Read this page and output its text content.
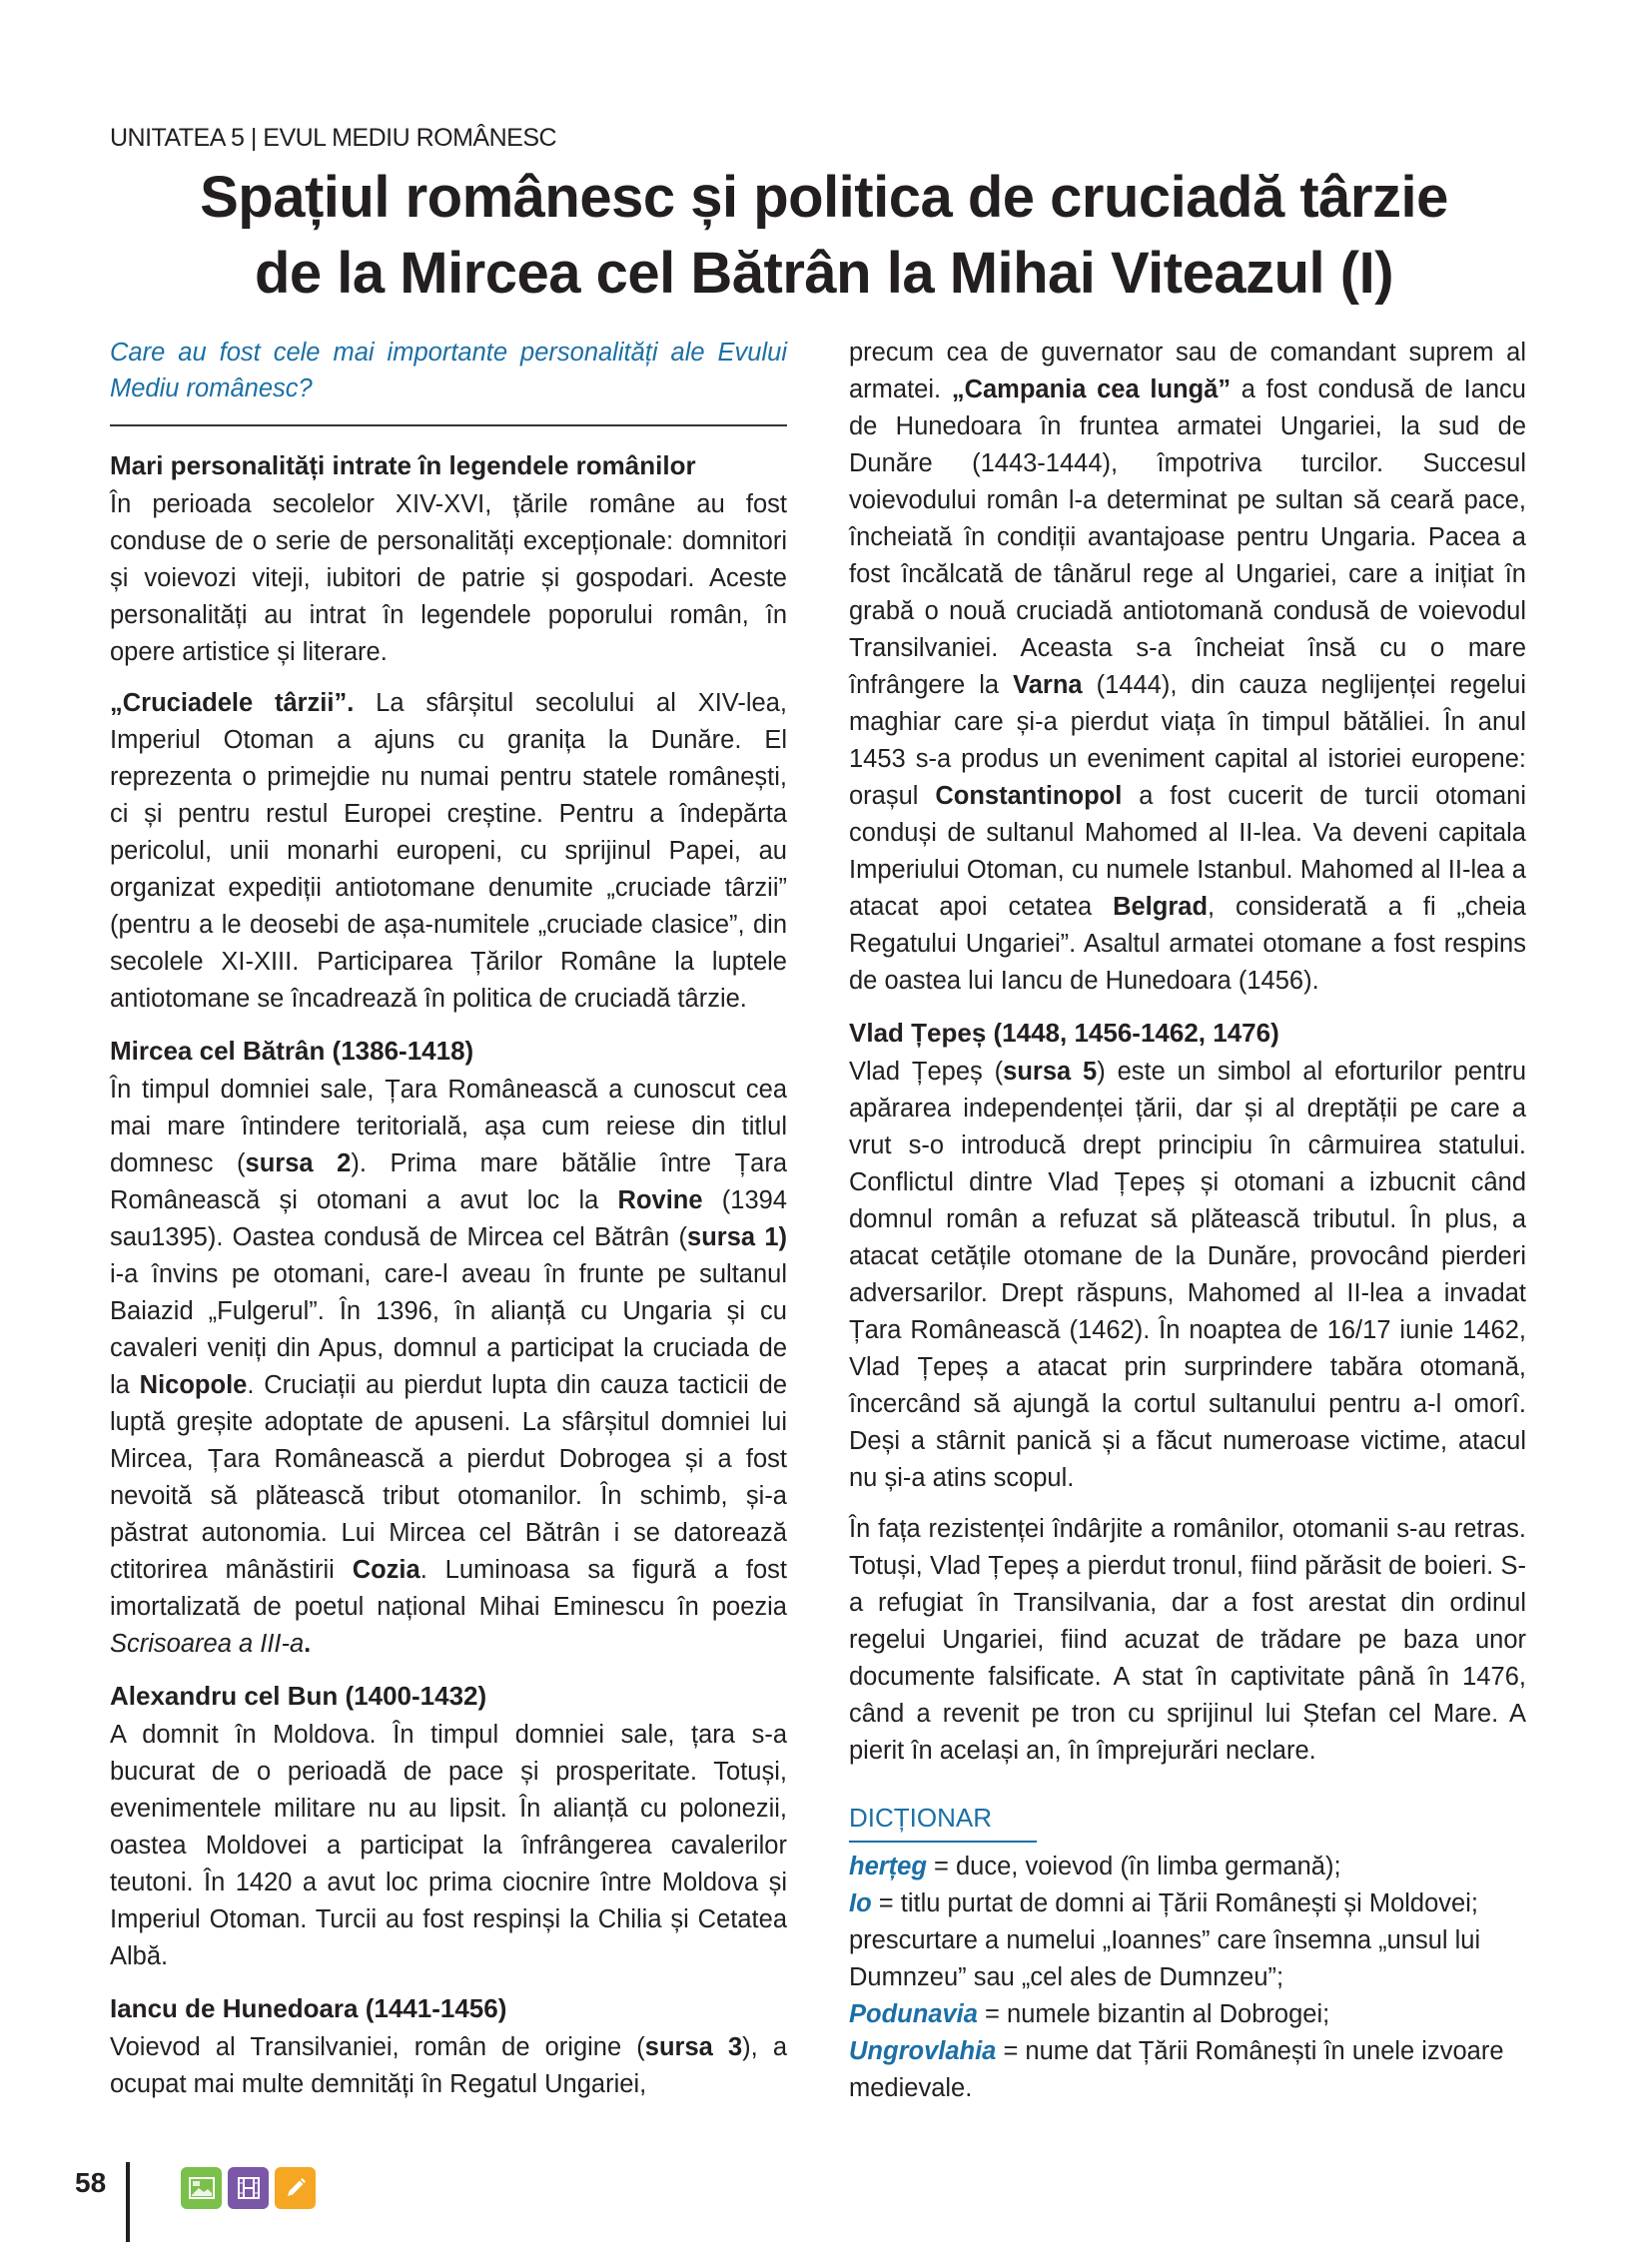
UNITATEA 5 | EVUL MEDIU ROMÂNESC
Spațiul românesc și politica de cruciadă târzie
de la Mircea cel Bătrân la Mihai Viteazul (I)

Care au fost cele mai importante personalități ale Evului Mediu românesc?

Mari personalități intrate în legendele românilor

În perioada secolelor XIV-XVI, țările române au fost conduse de o serie de personalități excepționale: domnitori și voievozi viteji, iubitori de patrie și gospodari. Aceste personalități au intrat în legendele poporului român, în opere artistice și literare.

„Cruciadele târzii”. La sfârșitul secolului al XIV-lea, Imperiul Otoman a ajuns cu granița la Dunăre. El reprezenta o primejdie nu numai pentru statele românești, ci și pentru restul Europei creștine. Pentru a îndepărta pericolul, unii monarhi europeni, cu sprijinul Papei, au organizat expediții antiotomane denumite „cruciade târzii” (pentru a le deosebi de așa-numitele „cruciade clasice”, din secolele XI-XIII. Participarea Țărilor Române la luptele antiotomane se încadrează în politica de cruciadă târzie.

Mircea cel Bătrân (1386-1418)

În timpul domniei sale, Țara Românească a cunoscut cea mai mare întindere teritorială, așa cum reiese din titlul domnesc (sursa 2). Prima mare bătălie între Țara Românească și otomani a avut loc la Rovine (1394 sau1395). Oastea condusă de Mircea cel Bătrân (sursa 1) i-a învins pe otomani, care-l aveau în frunte pe sultanul Baiazid „Fulgerul”. În 1396, în alianță cu Ungaria și cu cavaleri veniți din Apus, domnul a participat la cruciada de la Nicopole. Cruciații au pierdut lupta din cauza tacticii de luptă greșite adoptate de apuseni. La sfârșitul domniei lui Mircea, Țara Românească a pierdut Dobrogea și a fost nevoită să plătească tribut otomanilor. În schimb, și-a păstrat autonomia. Lui Mircea cel Bătrân i se datorează ctitorirea mânăstirii Cozia. Luminoasa sa figură a fost imortalizată de poetul național Mihai Eminescu în poezia Scrisoarea a III-a.

Alexandru cel Bun (1400-1432)

A domnit în Moldova. În timpul domniei sale, țara s-a bucurat de o perioadă de pace și prosperitate. Totuși, evenimentele militare nu au lipsit. În alianță cu polonezii, oastea Moldovei a participat la înfrângerea cavalerilor teutoni. În 1420 a avut loc prima ciocnire între Moldova și Imperiul Otoman. Turcii au fost respinși la Chilia și Cetatea Albă.

Iancu de Hunedoara (1441-1456)

Voievod al Transilvaniei, român de origine (sursa 3), a ocupat mai multe demnități în Regatul Ungariei,

precum cea de guvernator sau de comandant suprem al armatei. „Campania cea lungă” a fost condusă de Iancu de Hunedoara în fruntea armatei Ungariei, la sud de Dunăre (1443-1444), împotriva turcilor. Succesul voievodului român l-a determinat pe sultan să ceară pace, încheiată în condiții avantajoase pentru Ungaria. Pacea a fost încălcată de tânărul rege al Ungariei, care a inițiat în grabă o nouă cruciadă antiotomană condusă de voievodul Transilvaniei. Aceasta s-a încheiat însă cu o mare înfrângere la Varna (1444), din cauza neglijenței regelui maghiar care și-a pierdut viața în timpul bătăliei. În anul 1453 s-a produs un eveniment capital al istoriei europene: orașul Constantinopol a fost cucerit de turcii otomani conduși de sultanul Mahomed al II-lea. Va deveni capitala Imperiului Otoman, cu numele Istanbul. Mahomed al II-lea a atacat apoi cetatea Belgrad, considerată a fi „cheia Regatului Ungariei”. Asaltul armatei otomane a fost respins de oastea lui Iancu de Hunedoara (1456).

Vlad Țepeș (1448, 1456-1462, 1476)

Vlad Țepeș (sursa 5) este un simbol al eforturilor pentru apărarea independenței țării, dar și al dreptății pe care a vrut s-o introducă drept principiu în cârmuirea statului. Conflictul dintre Vlad Țepeș și otomani a izbucnit când domnul român a refuzat să plătească tributul. În plus, a atacat cetățile otomane de la Dunăre, provocând pierderi adversarilor. Drept răspuns, Mahomed al II-lea a invadat Țara Românească (1462). În noaptea de 16/17 iunie 1462, Vlad Țepeș a atacat prin surprindere tabăra otomană, încercând să ajungă la cortul sultanului pentru a-l omorî. Deși a stârnit panică și a făcut numeroase victime, atacul nu și-a atins scopul.

În fața rezistenței îndârjite a românilor, otomanii s-au retras. Totuși, Vlad Țepeș a pierdut tronul, fiind părăsit de boieri. S-a refugiat în Transilvania, dar a fost arestat din ordinul regelui Ungariei, fiind acuzat de trădare pe baza unor documente falsificate. A stat în captivitate până în 1476, când a revenit pe tron cu sprijinul lui Ștefan cel Mare. A pierit în același an, în împrejurări neclare.

DICȚIONAR

herțeg = duce, voievod (în limba germană);

Io = titlu purtat de domni ai Țării Românești și Moldovei; prescurtare a numelui „Ioannes” care însemna „unsul lui Dumnzeu” sau „cel ales de Dumnzeu”;

Podunavia = numele bizantin al Dobrogei;

Ungrovlahia = nume dat Țării Românești în unele izvoare medievale.

58
